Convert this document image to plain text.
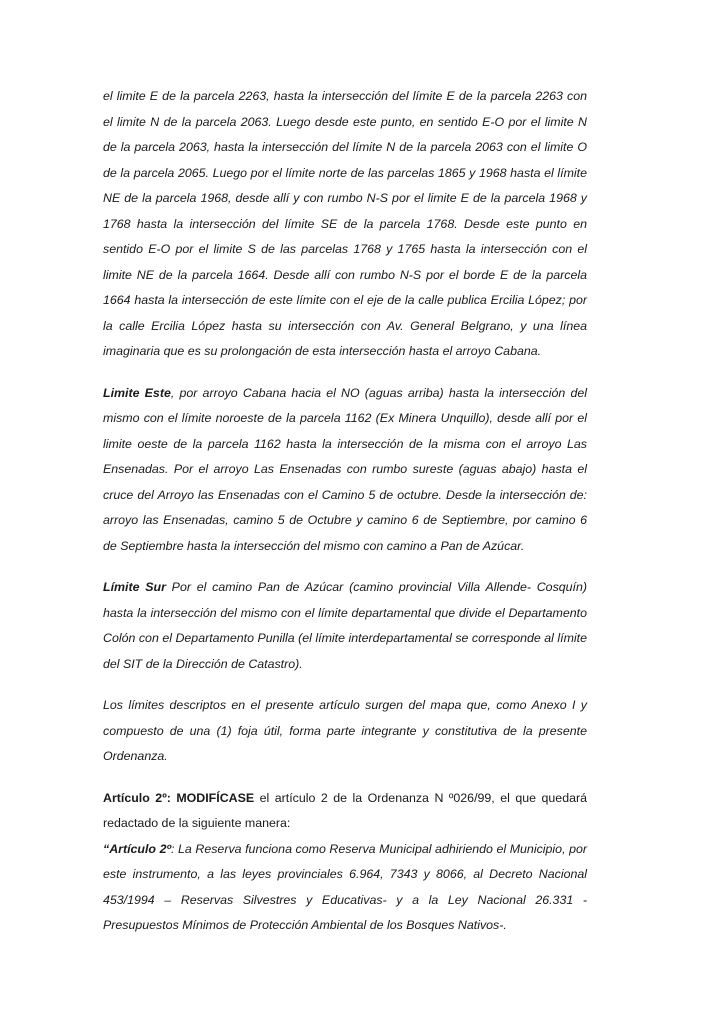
el limite E de la parcela 2263, hasta la intersección del límite E de la parcela 2263 con el limite N de la parcela 2063. Luego desde este punto, en sentido E-O por el limite N de la parcela 2063, hasta la intersección del límite N de la parcela 2063 con el limite O de la parcela 2065. Luego por el límite norte de las parcelas 1865 y 1968 hasta el límite NE de la parcela 1968, desde allí y con rumbo N-S por el limite E de la parcela 1968 y 1768 hasta la intersección del límite SE de la parcela 1768. Desde este punto en sentido E-O por el limite S de las parcelas 1768 y 1765 hasta la intersección con el limite NE de la parcela 1664. Desde allí con rumbo N-S por el borde E de la parcela 1664 hasta la intersección de este límite con el eje de la calle publica Ercilia López; por la calle Ercilia López hasta su intersección con Av. General Belgrano, y una línea imaginaria que es su prolongación de esta intersección hasta el arroyo Cabana.

Limite Este, por arroyo Cabana hacia el NO (aguas arriba) hasta la intersección del mismo con el límite noroeste de la parcela 1162 (Ex Minera Unquillo), desde allí por el limite oeste de la parcela 1162 hasta la intersección de la misma con el arroyo Las Ensenadas. Por el arroyo Las Ensenadas con rumbo sureste (aguas abajo) hasta el cruce del Arroyo las Ensenadas con el Camino 5 de octubre. Desde la intersección de: arroyo las Ensenadas, camino 5 de Octubre y camino 6 de Septiembre, por camino 6 de Septiembre hasta la intersección del mismo con camino a Pan de Azúcar.

Límite Sur Por el camino Pan de Azúcar (camino provincial Villa Allende- Cosquín) hasta la intersección del mismo con el límite departamental que divide el Departamento Colón con el Departamento Punilla (el límite interdepartamental se corresponde al límite del SIT de la Dirección de Catastro).

Los límites descriptos en el presente artículo surgen del mapa que, como Anexo I y compuesto de una (1) foja útil, forma parte integrante y constitutiva de la presente Ordenanza.

Artículo 2º: MODIFÍCASE el artículo 2 de la Ordenanza N º026/99, el que quedará redactado de la siguiente manera:

“Artículo 2º: La Reserva funciona como Reserva Municipal adhiriendo el Municipio, por este instrumento, a las leyes provinciales 6.964, 7343 y 8066, al Decreto Nacional 453/1994 – Reservas Silvestres y Educativas- y a la Ley Nacional 26.331 -Presupuestos Mínimos de Protección Ambiental de los Bosques Nativos-.
